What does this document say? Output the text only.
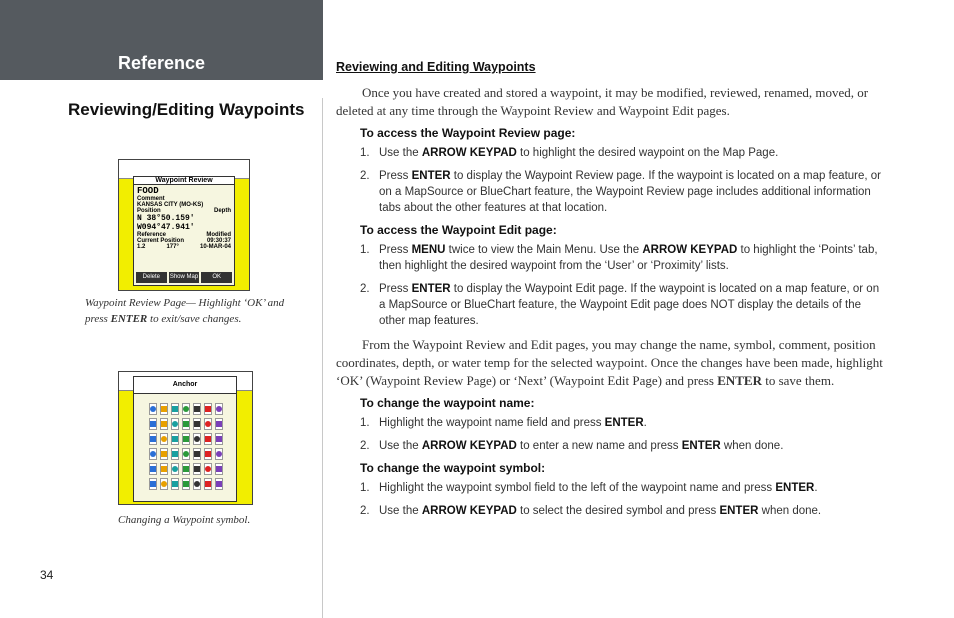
Reference
Reviewing/Editing Waypoints
Waypoint Review
FOOD
Comment
KANSAS CITY (MO-KS)
Position	Depth
N 38°50.159'
W094°47.941'
Reference	Modified
Current Position	09:30:37
1.2	177°	10-MAR-04
Delete	Show Map	OK
Waypoint Review Page— Highlight ‘OK’ and
press ENTER to exit/save changes.
Anchor
Changing a Waypoint symbol.
34
Reviewing and Editing Waypoints

Once you have created and stored a waypoint, it may be modified, reviewed, renamed, moved, or deleted at any time through the Waypoint Review and Waypoint Edit pages.

To access the Waypoint Review page:
1. Use the ARROW KEYPAD to highlight the desired waypoint on the Map Page.
2. Press ENTER to display the Waypoint Review page. If the waypoint is located on a map feature, or on a MapSource or BlueChart feature, the Waypoint Review page includes additional information tabs about the other features at that location.
To access the Waypoint Edit page:
1. Press MENU twice to view the Main Menu. Use the ARROW KEYPAD to highlight the ‘Points’ tab, then highlight the desired waypoint from the ‘User’ or ‘Proximity’ lists.
2. Press ENTER to display the Waypoint Edit page. If the waypoint is located on a map feature, or on a MapSource or BlueChart feature, the Waypoint Edit page does NOT display the details of the other map features.

From the Waypoint Review and Edit pages, you may change the name, symbol, comment, position coordinates, depth, or water temp for the selected waypoint. Once the changes have been made, highlight ‘OK’ (Waypoint Review Page) or ‘Next’ (Waypoint Edit Page) and press ENTER to save them.

To change the waypoint name:
1. Highlight the waypoint name field and press ENTER.
2. Use the ARROW KEYPAD to enter a new name and press ENTER when done.
To change the waypoint symbol:
1. Highlight the waypoint symbol field to the left of the waypoint name and press ENTER.
2. Use the ARROW KEYPAD to select the desired symbol and press ENTER when done.
